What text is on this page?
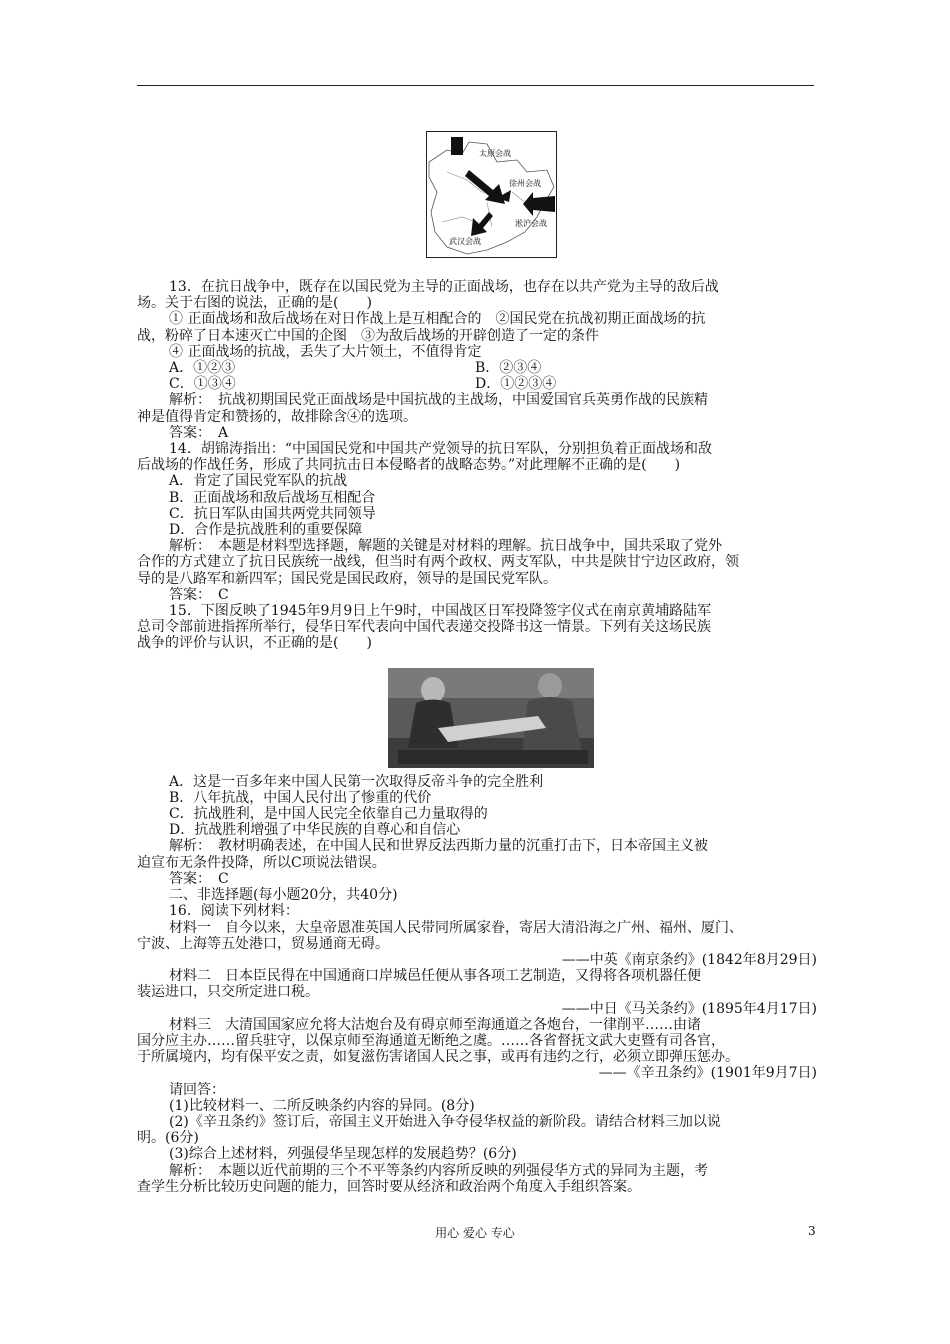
太原会战
徐州会战
淞沪会战
武汉会战

13．在抗日战争中，既存在以国民党为主导的正面战场，也存在以共产党为主导的敌后战

场。关于右图的说法，正确的是(　　)

① 正面战场和敌后战场在对日作战上是互相配合的　②国民党在抗战初期正面战场的抗

战，粉碎了日本速灭亡中国的企图　③为敌后战场的开辟创造了一定的条件

④ 正面战场的抗战，丢失了大片领土，不值得肯定

A．①②③	B．②③④
C．①③④	D．①②③④

解析：　抗战初期国民党正面战场是中国抗战的主战场，中国爱国官兵英勇作战的民族精

神是值得肯定和赞扬的，故排除含④的选项。

答案：　A

14．胡锦涛指出：“中国国民党和中国共产党领导的抗日军队，分别担负着正面战场和敌

后战场的作战任务，形成了共同抗击日本侵略者的战略态势。”对此理解不正确的是(　　)

A．肯定了国民党军队的抗战

B．正面战场和敌后战场互相配合

C．抗日军队由国共两党共同领导

D．合作是抗战胜利的重要保障

解析：　本题是材料型选择题，解题的关键是对材料的理解。抗日战争中，国共采取了党外

合作的方式建立了抗日民族统一战线，但当时有两个政权、两支军队，中共是陕甘宁边区政府，领

导的是八路军和新四军；国民党是国民政府，领导的是国民党军队。

答案：　C

15．下图反映了1945年9月9日上午9时，中国战区日军投降签字仪式在南京黄埔路陆军

总司令部前进指挥所举行，侵华日军代表向中国代表递交投降书这一情景。下列有关这场民族

战争的评价与认识，不正确的是(　　)

A．这是一百多年来中国人民第一次取得反帝斗争的完全胜利

B．八年抗战，中国人民付出了惨重的代价

C．抗战胜利，是中国人民完全依靠自己力量取得的

D．抗战胜利增强了中华民族的自尊心和自信心

解析：　教材明确表述，在中国人民和世界反法西斯力量的沉重打击下，日本帝国主义被

迫宣布无条件投降，所以C项说法错误。

答案：　C

二、非选择题(每小题20分，共40分)

16．阅读下列材料：

材料一　自今以来，大皇帝恩准英国人民带同所属家眷，寄居大清沿海之广州、福州、厦门、

宁波、上海等五处港口，贸易通商无碍。

——中英《南京条约》(1842年8月29日)

材料二　日本臣民得在中国通商口岸城邑任便从事各项工艺制造，又得将各项机器任便

装运进口，只交所定进口税。

——中日《马关条约》(1895年4月17日)

材料三　大清国国家应允将大沽炮台及有碍京师至海通道之各炮台，一律削平……由诸

国分应主办……留兵驻守，以保京师至海通道无断绝之虞。……各省督抚文武大吏暨有司各官，

于所属境内，均有保平安之责，如复滋伤害诸国人民之事，或再有违约之行，必须立即弹压惩办。

——《辛丑条约》(1901年9月7日)

请回答：

(1)比较材料一、二所反映条约内容的异同。(8分)

(2)《辛丑条约》签订后，帝国主义开始进入争夺侵华权益的新阶段。请结合材料三加以说

明。(6分)

(3)综合上述材料，列强侵华呈现怎样的发展趋势？(6分)

解析：　本题以近代前期的三个不平等条约内容所反映的列强侵华方式的异同为主题，考

查学生分析比较历史问题的能力，回答时要从经济和政治两个角度入手组织答案。

用心 爱心 专心	3
